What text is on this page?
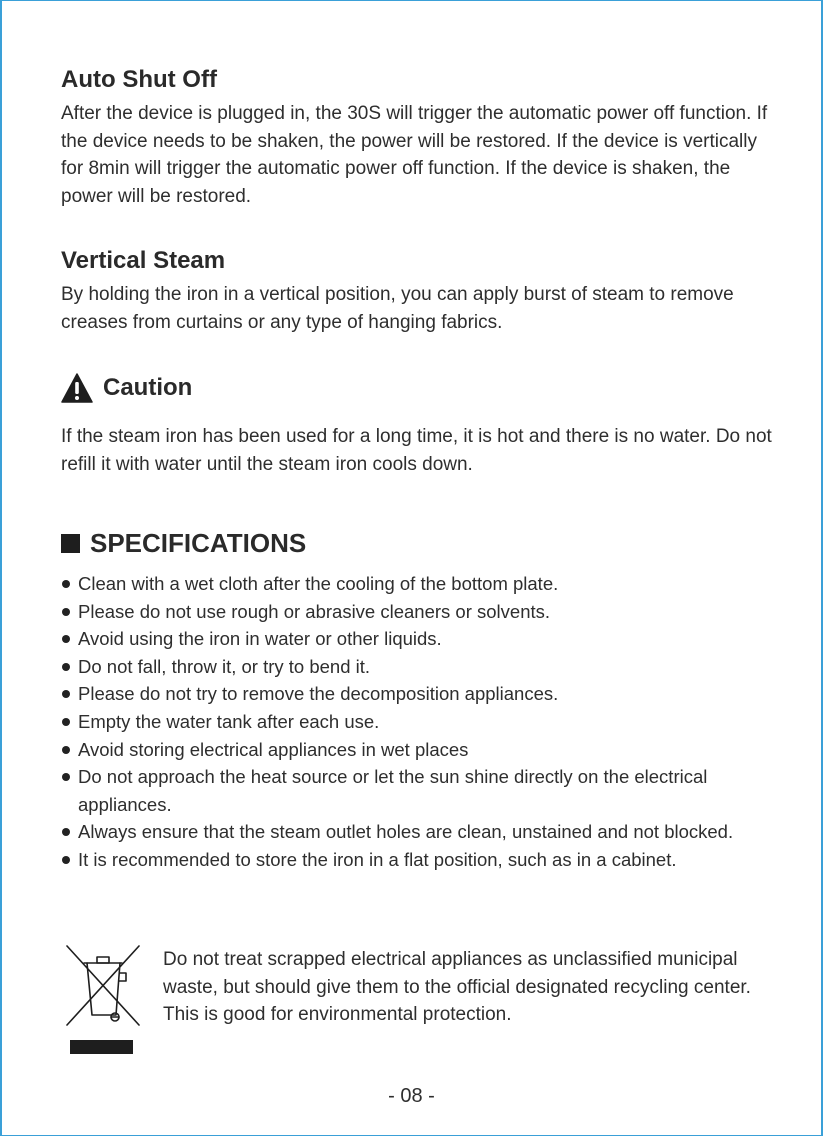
Auto Shut Off

After the device is plugged in, the 30S will trigger the automatic power off function. If the device needs to be shaken, the power will be restored. If the device is vertically for 8min will trigger the automatic power off function. If the device is shaken, the power will be restored.

Vertical Steam

By holding the iron in a vertical position, you can apply burst of steam to remove creases from curtains or any type of hanging fabrics.

Caution

If the steam iron has been used for a long time, it is hot and there is no water. Do not refill it with water until the steam iron cools down.

SPECIFICATIONS
Clean with a wet cloth after the cooling of the bottom plate.
Please do not use rough or abrasive cleaners or solvents.
Avoid using the iron in water or other liquids.
Do not fall, throw it, or try to bend it.
Please do not try to remove the decomposition appliances.
Empty the water tank after each use.
Avoid storing electrical appliances in wet places
Do not approach the heat source or let the sun shine directly on the electrical appliances.
Always ensure that the steam outlet holes are clean, unstained and not blocked.
It is recommended to store the iron in a flat position, such as in a cabinet.

Do not treat scrapped electrical appliances as unclassified municipal waste, but should give them to the official designated recycling center. This is good for environmental protection.

- 08 -
